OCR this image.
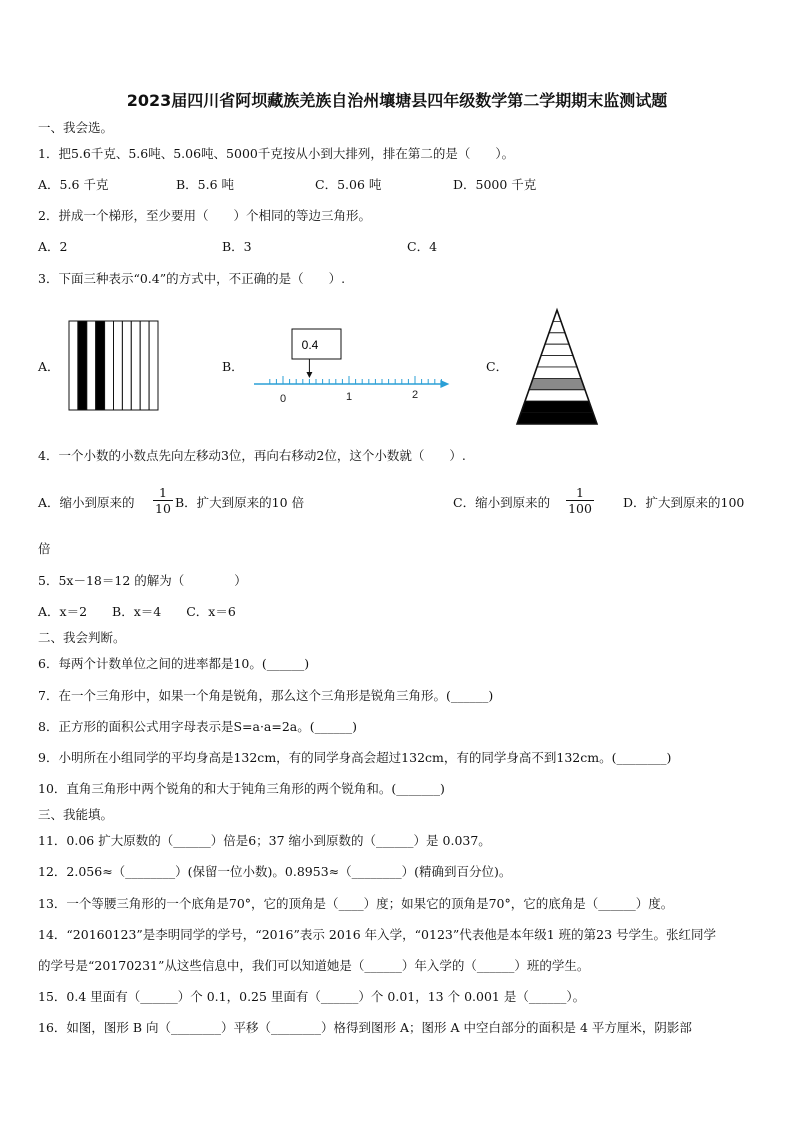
2023届四川省阿坝藏族羌族自治州壤塘县四年级数学第二学期期末监测试题
一、我会选。
1．把5.6千克、5.6吨、5.06吨、5000千克按从小到大排列，排在第二的是（　　）。
A．5.6 千克	B．5.6 吨	C．5.06 吨	D．5000 千克
2．拼成一个梯形，至少要用（　　）个相同的等边三角形。
A．2	B．3	C．4
3．下面三种表示“0.4”的方式中，不正确的是（　　）.
A．	B．	C．
0.4
0	1	2
4．一个小数的小数点先向左移动3位，再向右移动2位，这个小数就（　　）.
A．缩小到原来的
1
10 B．扩大到原来的10 倍	C．缩小到原来的
1
100 D．扩大到原来的100
倍
5．5x－18＝12 的解为（　　　　）
A．x＝2　　B．x＝4　　C．x＝6
二、我会判断。
6．每两个计数单位之间的进率都是10。(______)
7．在一个三角形中，如果一个角是锐角，那么这个三角形是锐角三角形。(______)
8．正方形的面积公式用字母表示是S=a·a=2a。(______)
9．小明所在小组同学的平均身高是132cm，有的同学身高会超过132cm，有的同学身高不到132cm。(________)
10．直角三角形中两个锐角的和大于钝角三角形的两个锐角和。(_______)
三、我能填。
11．0.06 扩大原数的（______）倍是6；37 缩小到原数的（______）是 0.037。
12．2.056≈（________）(保留一位小数)。0.8953≈（________）(精确到百分位)。
13．一个等腰三角形的一个底角是70°，它的顶角是（____）度；如果它的顶角是70°，它的底角是（______）度。
14．“20160123”是李明同学的学号，“2016”表示 2016 年入学，“0123”代表他是本年级1 班的第23 号学生。张红同学
的学号是“20170231”从这些信息中，我们可以知道她是（______）年入学的（______）班的学生。
15．0.4 里面有（______）个 0.1，0.25 里面有（______）个 0.01，13 个 0.001 是（______）。
16．如图，图形 B 向（________）平移（________）格得到图形 A；图形 A 中空白部分的面积是 4 平方厘米，阴影部
